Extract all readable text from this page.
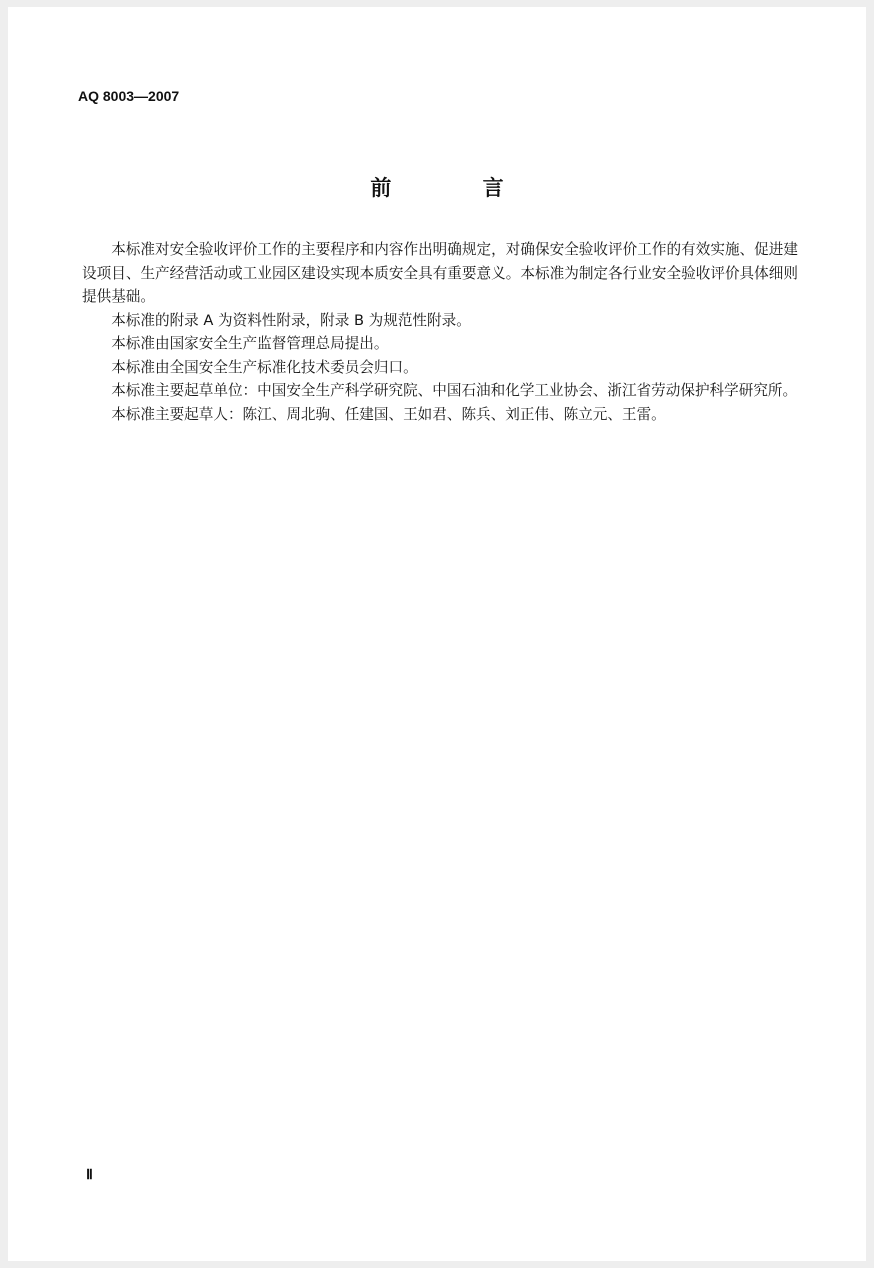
AQ 8003—2007
前 言

本标准对安全验收评价工作的主要程序和内容作出明确规定，对确保安全验收评价工作的有效实施、促进建设项目、生产经营活动或工业园区建设实现本质安全具有重要意义。本标准为制定各行业安全验收评价具体细则提供基础。

本标准的附录 A 为资料性附录，附录 B 为规范性附录。

本标准由国家安全生产监督管理总局提出。

本标准由全国安全生产标准化技术委员会归口。

本标准主要起草单位：中国安全生产科学研究院、中国石油和化学工业协会、浙江省劳动保护科学研究所。

本标准主要起草人：陈江、周北驹、任建国、王如君、陈兵、刘正伟、陈立元、王雷。

Ⅱ
